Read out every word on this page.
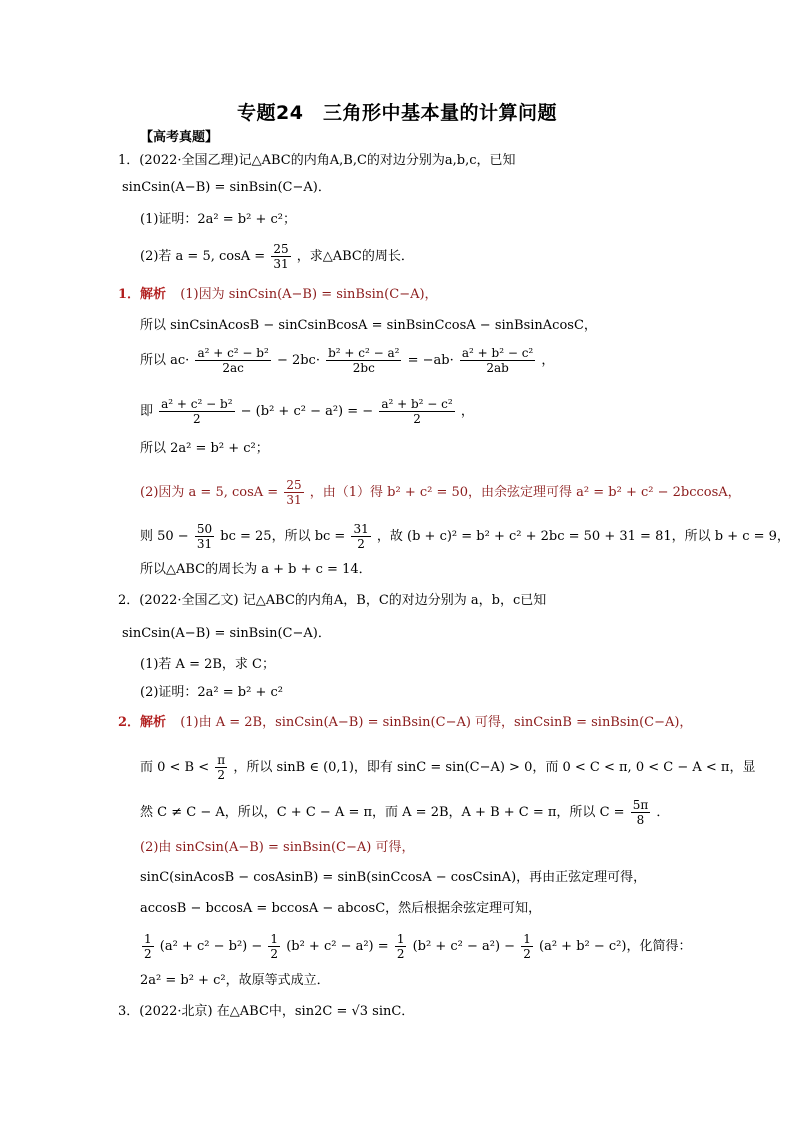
专题24　三角形中基本量的计算问题
【高考真题】
1．(2022·全国乙理)记△ABC的内角A,B,C的对边分别为a,b,c，已知
sinCsin(A−B) = sinBsin(C−A)．
(1)证明：2a² = b² + c²；
(2)若 a = 5, $\cos A = \frac{25}{31}$ ，求△ABC的周长．
1．解析 (1)因为 sinCsin(A−B) = sinBsin(C−A)，
所以 sinCsinAcosB − sinCsinBcosA = sinBsinCcosA − sinBsinAcosC，
所以 $ac\cdot \frac{\text{a² + c² − b²}}{2ac} - 2bc\cdot \frac{\text{b² + c² − a²}}{2bc} = -ab\cdot \frac{\text{a² + b² − c²}}{2ab}$ ，
即 $\frac{\text{a² + c² − b²}}{2} - (b^2 + c^2 - a^2)$ = − $\frac{\text{a² + b² − c²}}{2}$ ，
所以 2a² = b² + c²；
(2)因为 a = 5, $\cos A = \frac{25}{31}$ ，由（1）得 b² + c² = 50，由余弦定理可得 a² = b² + c² − 2bccosA，
则 $50 - \frac{50}{31}$ bc = 25，所以 bc = $\frac{31}{2}$ ，故 (b + c)² = b² + c² + 2bc = 50 + 31 = 81，所以 b + c = 9，
所以△ABC的周长为 a + b + c = 14．
2．(2022·全国乙文) 记△ABC的内角A，B，C的对边分别为 a，b，c已知
sinCsin(A−B) = sinBsin(C−A)．
(1)若 A = 2B，求 C；
(2)证明：2a² = b² + c²
2．解析 (1)由 A = 2B，sinCsin(A−B) = sinBsin(C−A) 可得，sinCsinB = sinBsin(C−A)，
而 $0 < B < \frac{\pi}{2}$ ，所以 sinB ∈ (0,1)，即有 sinC = sin(C−A) > 0，而 0 < C < π, 0 < C − A < π，显
然 C ≠ C − A，所以，C + C − A = π，而 A = 2B，A + B + C = π，所以 $C = \frac{5\pi}{8}$ ．
(2)由 sinCsin(A−B) = sinBsin(C−A) 可得，
sinC(sinAcosB − cosAsinB) = sinB(sinCcosA − cosCsinA)，再由正弦定理可得，
accosB − bccosA = bccosA − abcosC，然后根据余弦定理可知，
$\frac{1}{2} (a^2 + c^2 - b^2) - \frac{1}{2} (b^2 + c^2 - a^2) = \frac{1}{2} (b^2 + c^2 - a^2) - \frac{1}{2} (a^2 + b^2 - c^2)$，化简得：
2a² = b² + c²，故原等式成立．
3．(2022·北京) 在△ABC中，sin2C = √3 sinC．
